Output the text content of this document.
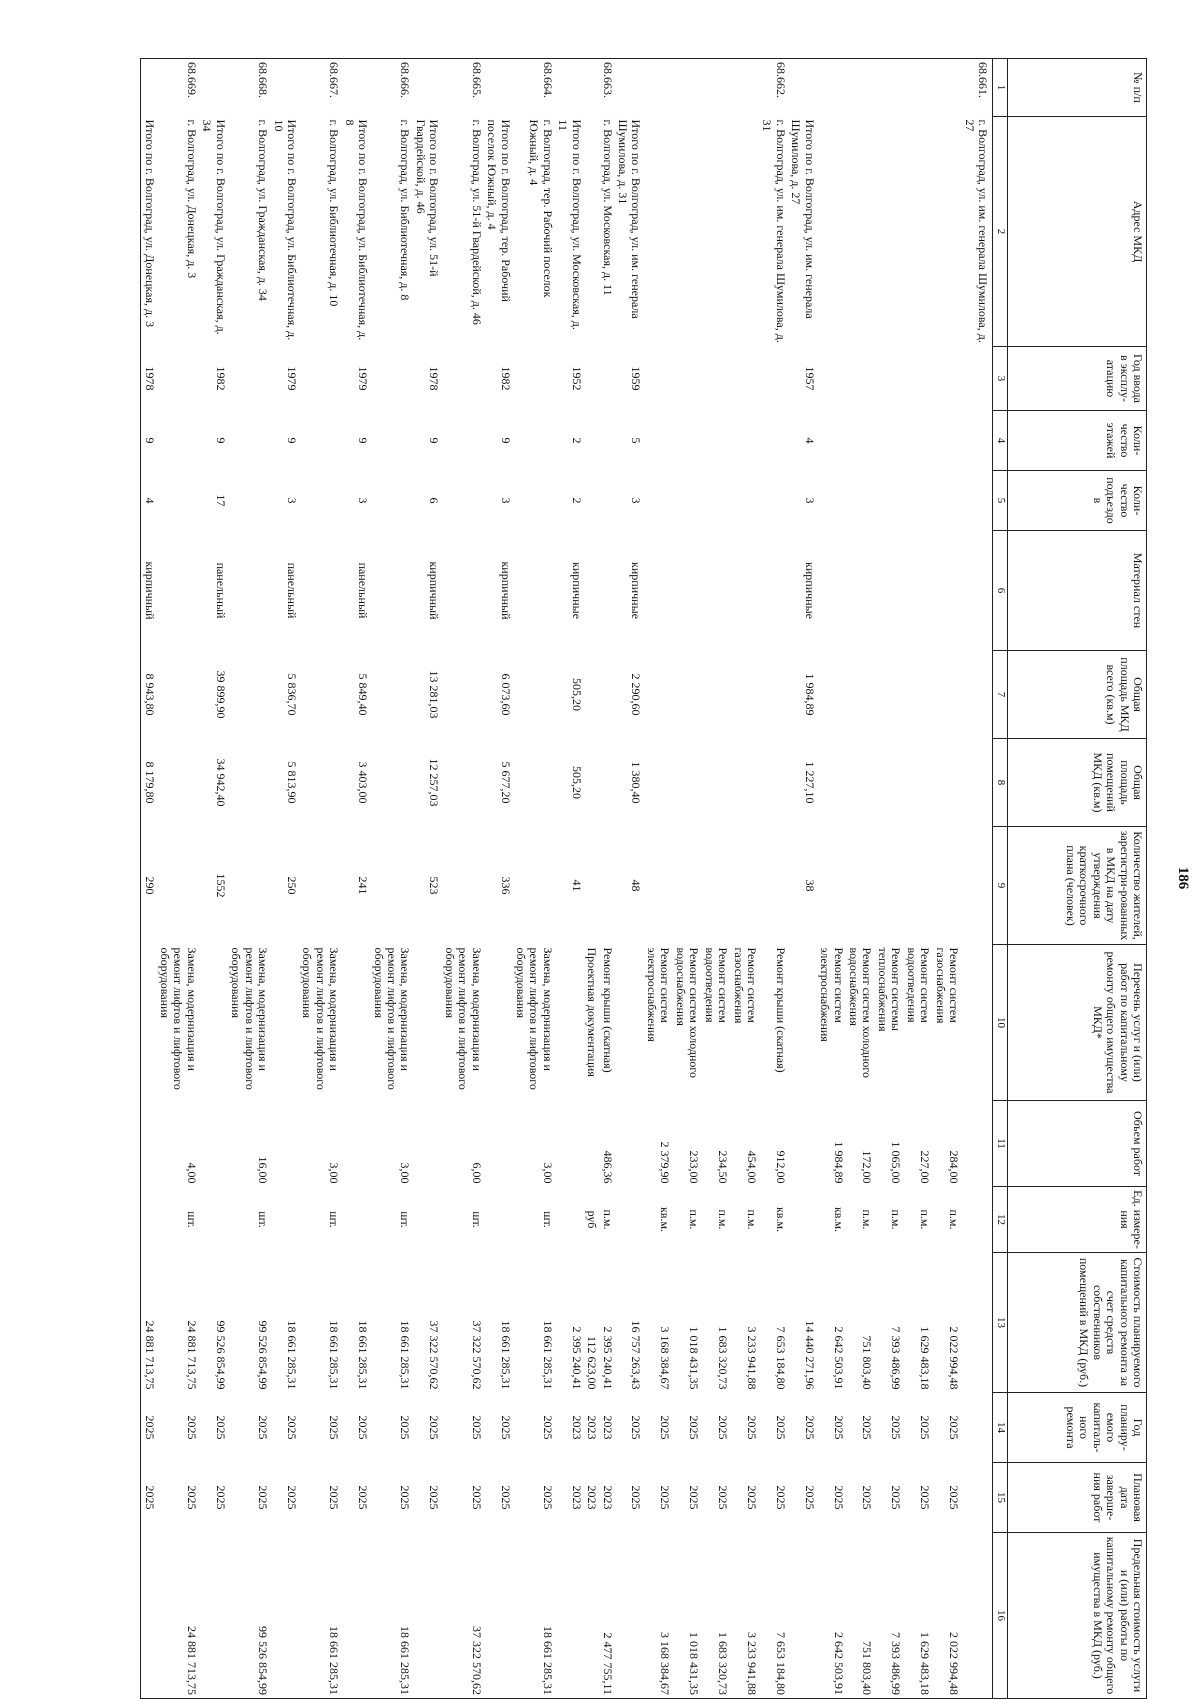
186
№ п/п	Адрес МКД	Год ввода в эксплу-атацию	Коли-чество этажей	Коли-чество подъездо в	Материал стен	Общая площадь МКД всего (кв.м)	Общая площадь помещений МКД (кв.м)	Количество жителей, зарегистри-рованных в МКД на дату утверждения краткосрочного плана (человек)	Перечень услуг и (или) работ по капитальному ремонту общего имущества МКД*	Объем работ	Ед. измере-ния	Стоимость планируемого капитального ремонта за счет средств собственников помещений в МКД (руб.)	Год планиру-емого капиталь-ного ремонта	Плановая дата заверше-ния работ	Предельная стоимость услуги и (или) работы по капитальному ремонту общего имущества в МКД (руб.)
1	2	3	4	5	6	7	8	9	10	11	12	13	14	15	16
68.661.	г. Волгоград, ул. им. генерала Шумилова, д. 27														
									Ремонт систем газоснабжения	284,00	п.м.	2 022 994,48	2025	2025	2 022 994,48
									Ремонт систем водоотведения	227,00	п.м.	1 629 483,18	2025	2025	1 629 483,18
									Ремонт системы теплоснабжения	1 065,00	п.м.	7 393 486,99	2025	2025	7 393 486,99
									Ремонт систем холодного водоснабжения	172,00	п.м.	751 803,40	2025	2025	751 803,40
									Ремонт систем электроснабжения	1 984,89	кв.м.	2 642 503,91	2025	2025	2 642 503,91
	Итого по г. Волгоград, ул. им. генерала Шумилова, д. 27	1957	4	3	кирпичные	1 984,89	1 227,10	38				14 440 271,96	2025	2025	
68.662.	г. Волгоград, ул. им. генерала Шумилова, д. 31								Ремонт крыши (скатная)	912,00	кв.м.	7 653 184,80	2025	2025	7 653 184,80
									Ремонт систем газоснабжения	454,00	п.м.	3 233 941,88	2025	2025	3 233 941,88
									Ремонт систем водоотведения	234,50	п.м.	1 683 320,73	2025	2025	1 683 320,73
									Ремонт систем холодного водоснабжения	233,00	п.м.	1 018 431,35	2025	2025	1 018 431,35
									Ремонт систем электроснабжения	2 379,90	кв.м.	3 168 384,67	2025	2025	3 168 384,67
	Итого по г. Волгоград, ул. им. генерала Шумилова, д. 31	1959	5	3	кирпичные	2 290,60	1 380,40	48				16 757 263,43	2025	2025	
68.663.	г. Волгоград, ул. Московская, д. 11								Ремонт крыши (скатная)	486,36	п.м.	2 395 240,41	2023	2023	2 477 755,11
									Проектная документация		руб	112 623,00	2023	2023	
	Итого по г. Волгоград, ул. Московская, д. 11	1952	2	2	кирпичные	505,20	505,20	41				2 395 240,41	2023	2023	
68.664.	г. Волгоград, тер. Рабочий поселок Южный, д. 4								Замена, модернизация и ремонт лифтов и лифтового оборудования	3,00	шт.	18 661 285,31	2025	2025	18 661 285,31
	Итого по г. Волгоград, тер. Рабочий поселок Южный, д. 4	1982	9	3	кирпичный	6 073,60	5 677,20	336				18 661 285,31	2025	2025	
68.665.	г. Волгоград, ул. 51-й Гвардейской, д. 46								Замена, модернизация и ремонт лифтов и лифтового оборудования	6,00	шт.	37 322 570,62	2025	2025	37 322 570,62
	Итого по г. Волгоград, ул. 51-й Гвардейской, д. 46	1978	9	6	кирпичный	13 281,03	12 257,03	523				37 322 570,62	2025	2025	
68.666.	г. Волгоград, ул. Библиотечная, д. 8								Замена, модернизация и ремонт лифтов и лифтового оборудования	3,00	шт.	18 661 285,31	2025	2025	18 661 285,31
	Итого по г. Волгоград, ул. Библиотечная, д. 8	1979	9	3	панельный	5 849,40	3 403,00	241				18 661 285,31	2025	2025	
68.667.	г. Волгоград, ул. Библиотечная, д. 10								Замена, модернизация и ремонт лифтов и лифтового оборудования	3,00	шт.	18 661 285,31	2025	2025	18 661 285,31
	Итого по г. Волгоград, ул. Библиотечная, д. 10	1979	9	3	панельный	5 836,70	5 813,90	250				18 661 285,31	2025	2025	
68.668.	г. Волгоград, ул. Гражданская, д. 34								Замена, модернизация и ремонт лифтов и лифтового оборудования	16,00	шт.	99 526 854,99	2025	2025	99 526 854,99
	Итого по г. Волгоград, ул. Гражданская, д. 34	1982	9	17	панельный	39 899,90	34 942,40	1552				99 526 854,99	2025	2025	
68.669.	г. Волгоград, ул. Донецкая, д. 3								Замена, модернизация и ремонт лифтов и лифтового оборудования	4,00	шт.	24 881 713,75	2025	2025	24 881 713,75
	Итого по г. Волгоград, ул. Донецкая, д. 3	1978	9	4	кирпичный	8 943,80	8 179,80	290				24 881 713,75	2025	2025	
